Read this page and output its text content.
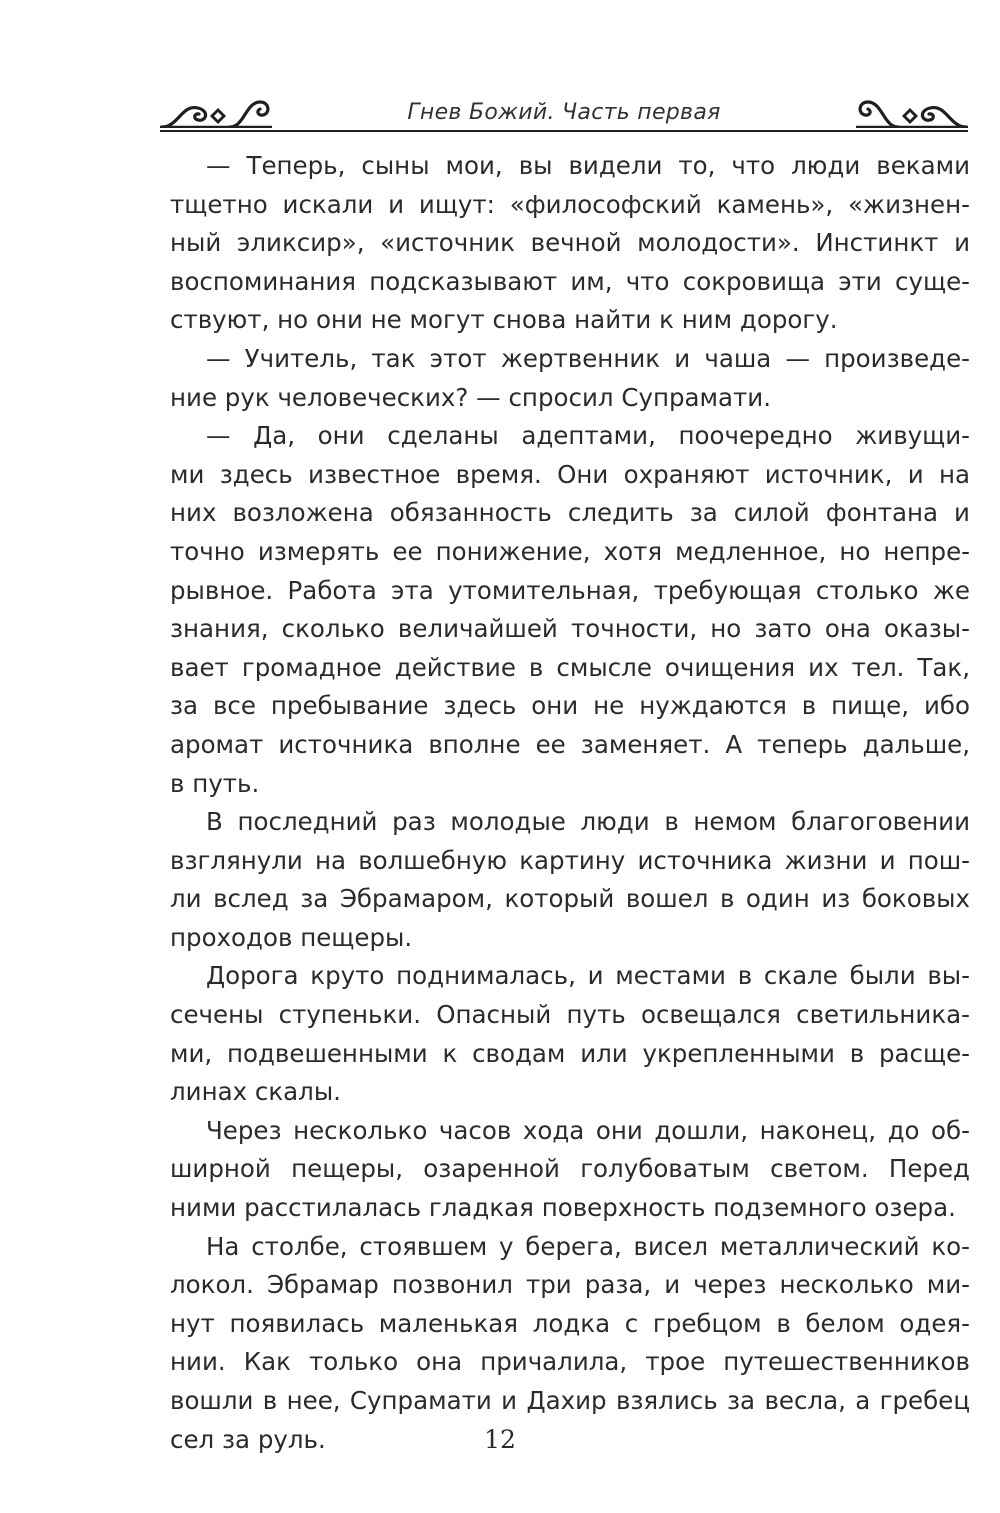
Гнев Божий. Часть первая
— Теперь, сыны мои, вы видели то, что люди веками
тщетно искали и ищут: «философский камень», «жизнен-
ный эликсир», «источник вечной молодости». Инстинкт и
воспоминания подсказывают им, что сокровища эти суще-
ствуют, но они не могут снова найти к ним дорогу.
— Учитель, так этот жертвенник и чаша — произведе-
ние рук человеческих? — спросил Супрамати.
— Да, они сделаны адептами, поочередно живущи-
ми здесь известное время. Они охраняют источник, и на
них возложена обязанность следить за силой фонтана и
точно измерять ее понижение, хотя медленное, но непре-
рывное. Работа эта утомительная, требующая столько же
знания, сколько величайшей точности, но зато она оказы-
вает громадное действие в смысле очищения их тел. Так,
за все пребывание здесь они не нуждаются в пище, ибо
аромат источника вполне ее заменяет. А теперь дальше,
в путь.
В последний раз молодые люди в немом благоговении
взглянули на волшебную картину источника жизни и пош-
ли вслед за Эбрамаром, который вошел в один из боковых
проходов пещеры.
Дорога круто поднималась, и местами в скале были вы-
сечены ступеньки. Опасный путь освещался светильника-
ми, подвешенными к сводам или укрепленными в расще-
линах скалы.
Через несколько часов хода они дошли, наконец, до об-
ширной пещеры, озаренной голубоватым светом. Перед
ними расстилалась гладкая поверхность подземного озера.
На столбе, стоявшем у берега, висел металлический ко-
локол. Эбрамар позвонил три раза, и через несколько ми-
нут появилась маленькая лодка с гребцом в белом одея-
нии. Как только она причалила, трое путешественников
вошли в нее, Супрамати и Дахир взялись за весла, а гребец
сел за руль.	12
